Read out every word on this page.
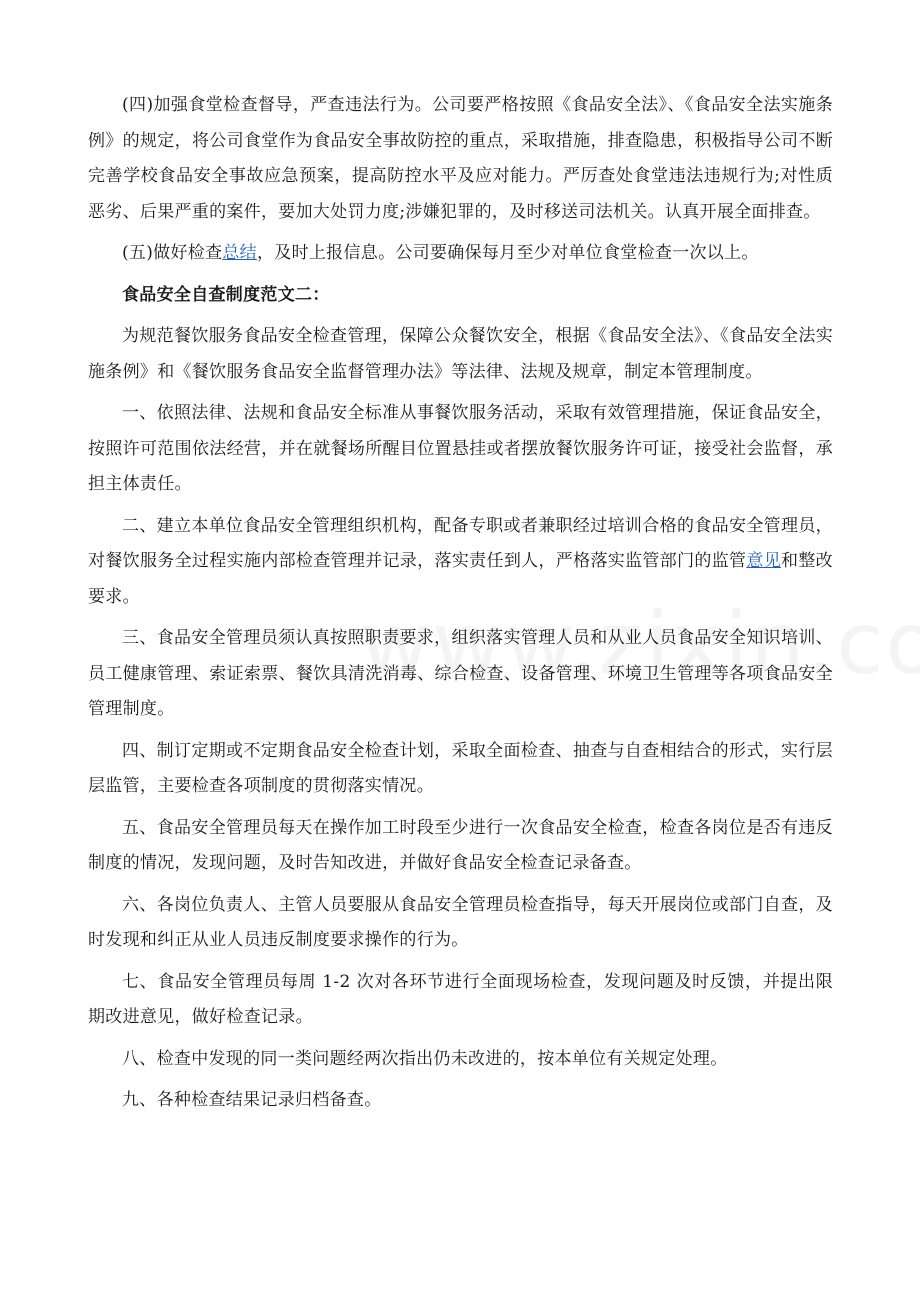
(四)加强食堂检查督导，严查违法行为。公司要严格按照《食品安全法》、《食品安全法实施条例》的规定，将公司食堂作为食品安全事故防控的重点，采取措施，排查隐患，积极指导公司不断完善学校食品安全事故应急预案，提高防控水平及应对能力。严厉查处食堂违法违规行为;对性质恶劣、后果严重的案件，要加大处罚力度;涉嫌犯罪的，及时移送司法机关。认真开展全面排查。

(五)做好检查总结，及时上报信息。公司要确保每月至少对单位食堂检查一次以上。

食品安全自查制度范文二：

为规范餐饮服务食品安全检查管理，保障公众餐饮安全，根据《食品安全法》、《食品安全法实施条例》和《餐饮服务食品安全监督管理办法》等法律、法规及规章，制定本管理制度。

一、依照法律、法规和食品安全标准从事餐饮服务活动，采取有效管理措施，保证食品安全，按照许可范围依法经营，并在就餐场所醒目位置悬挂或者摆放餐饮服务许可证，接受社会监督，承担主体责任。

二、建立本单位食品安全管理组织机构，配备专职或者兼职经过培训合格的食品安全管理员，对餐饮服务全过程实施内部检查管理并记录，落实责任到人，严格落实监管部门的监管意见和整改要求。

三、食品安全管理员须认真按照职责要求，组织落实管理人员和从业人员食品安全知识培训、员工健康管理、索证索票、餐饮具清洗消毒、综合检查、设备管理、环境卫生管理等各项食品安全管理制度。

四、制订定期或不定期食品安全检查计划，采取全面检查、抽查与自查相结合的形式，实行层层监管，主要检查各项制度的贯彻落实情况。

五、食品安全管理员每天在操作加工时段至少进行一次食品安全检查，检查各岗位是否有违反制度的情况，发现问题，及时告知改进，并做好食品安全检查记录备查。

六、各岗位负责人、主管人员要服从食品安全管理员检查指导，每天开展岗位或部门自查，及时发现和纠正从业人员违反制度要求操作的行为。

七、食品安全管理员每周 1-2 次对各环节进行全面现场检查，发现问题及时反馈，并提出限期改进意见，做好检查记录。

八、检查中发现的同一类问题经两次指出仍未改进的，按本单位有关规定处理。

九、各种检查结果记录归档备查。
